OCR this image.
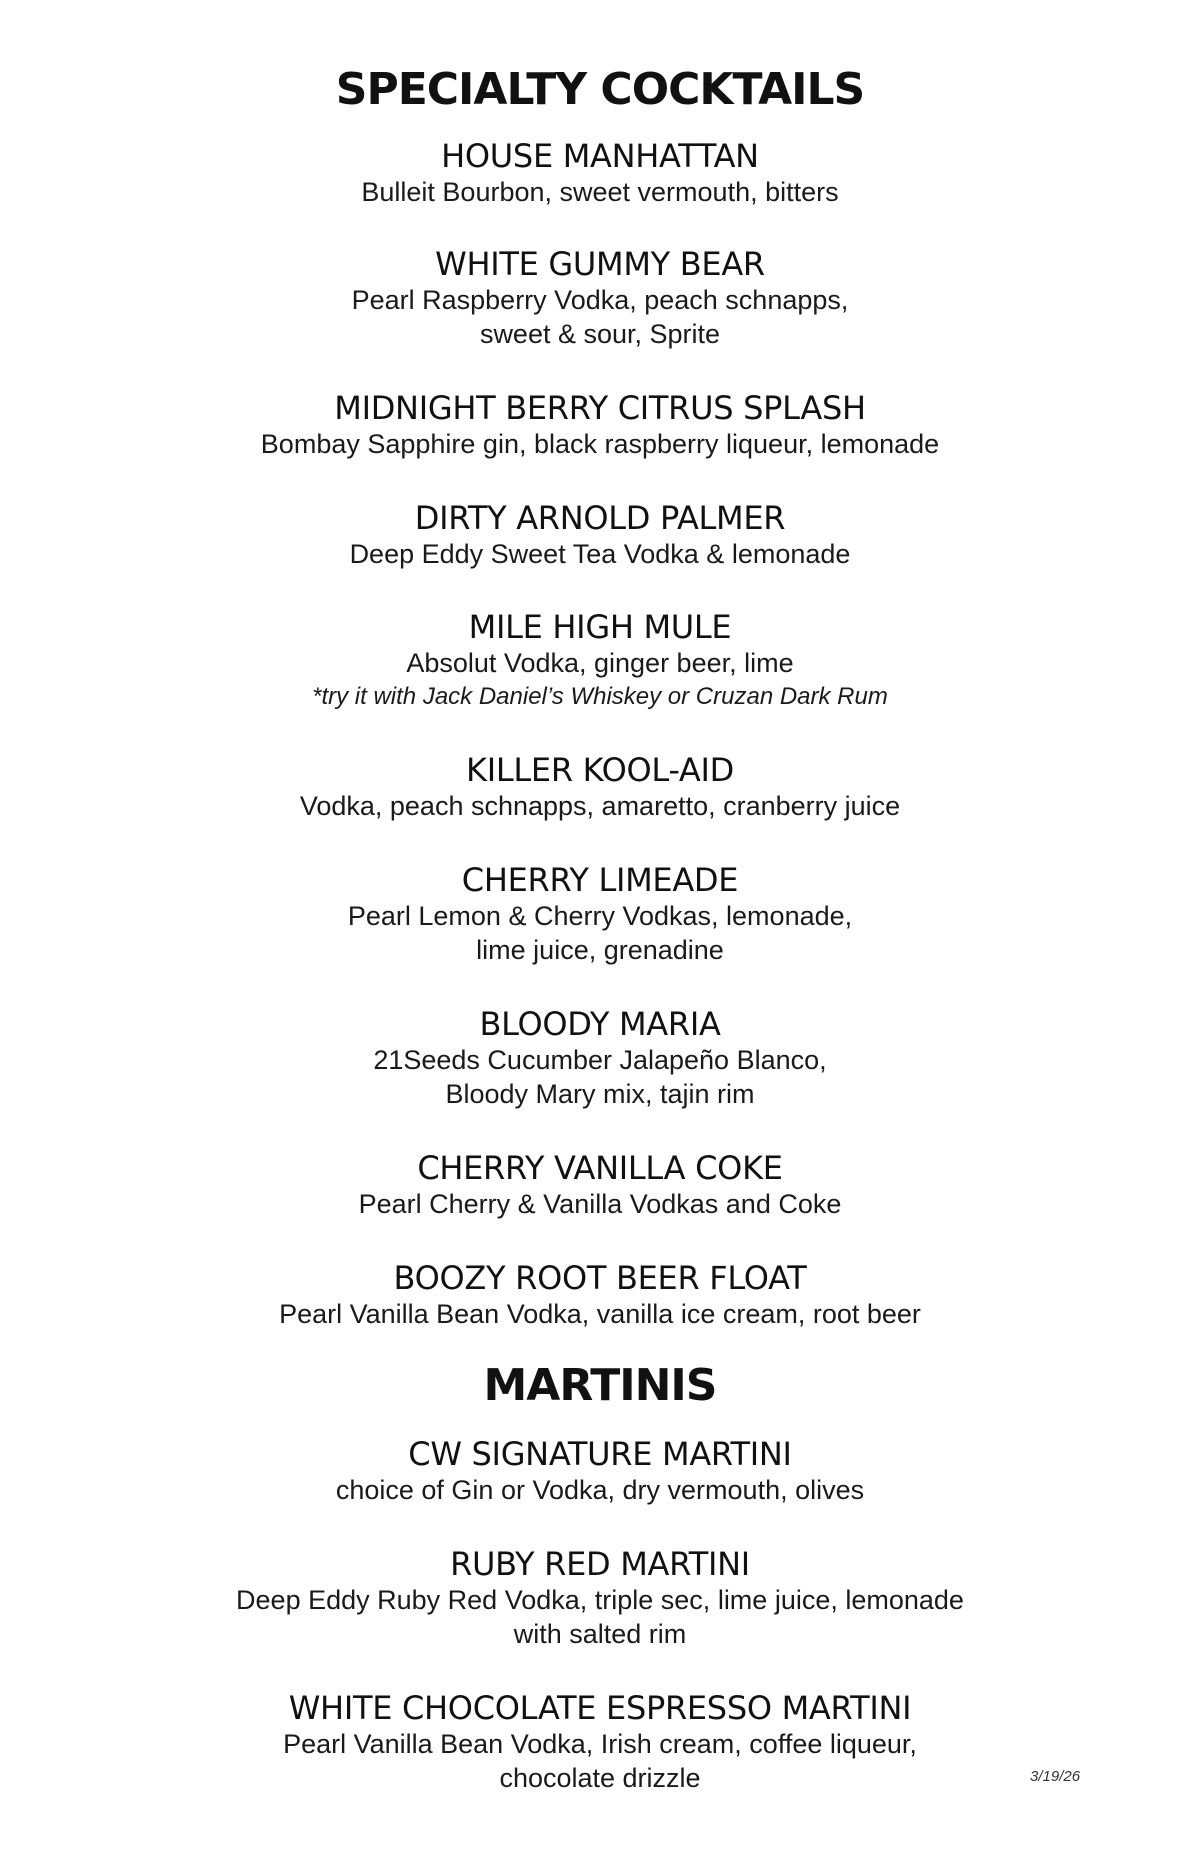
SPECIALTY COCKTAILS

HOUSE MANHATTAN

Bulleit Bourbon, sweet vermouth, bitters

WHITE GUMMY BEAR

Pearl Raspberry Vodka, peach schnapps,

sweet & sour, Sprite

MIDNIGHT BERRY CITRUS SPLASH

Bombay Sapphire gin, black raspberry liqueur, lemonade

DIRTY ARNOLD PALMER

Deep Eddy Sweet Tea Vodka & lemonade

MILE HIGH MULE

Absolut Vodka, ginger beer, lime

*try it with Jack Daniel’s Whiskey or Cruzan Dark Rum

KILLER KOOL-AID

Vodka, peach schnapps, amaretto, cranberry juice

CHERRY LIMEADE

Pearl Lemon & Cherry Vodkas, lemonade,

lime juice, grenadine

BLOODY MARIA

21Seeds Cucumber Jalapeño Blanco,

Bloody Mary mix, tajin rim

CHERRY VANILLA COKE

Pearl Cherry & Vanilla Vodkas and Coke

BOOZY ROOT BEER FLOAT

Pearl Vanilla Bean Vodka, vanilla ice cream, root beer

MARTINIS

CW SIGNATURE MARTINI

choice of Gin or Vodka, dry vermouth, olives

RUBY RED MARTINI

Deep Eddy Ruby Red Vodka, triple sec, lime juice, lemonade

with salted rim

WHITE CHOCOLATE ESPRESSO MARTINI

Pearl Vanilla Bean Vodka, Irish cream, coffee liqueur,

chocolate drizzle	3/19/26
